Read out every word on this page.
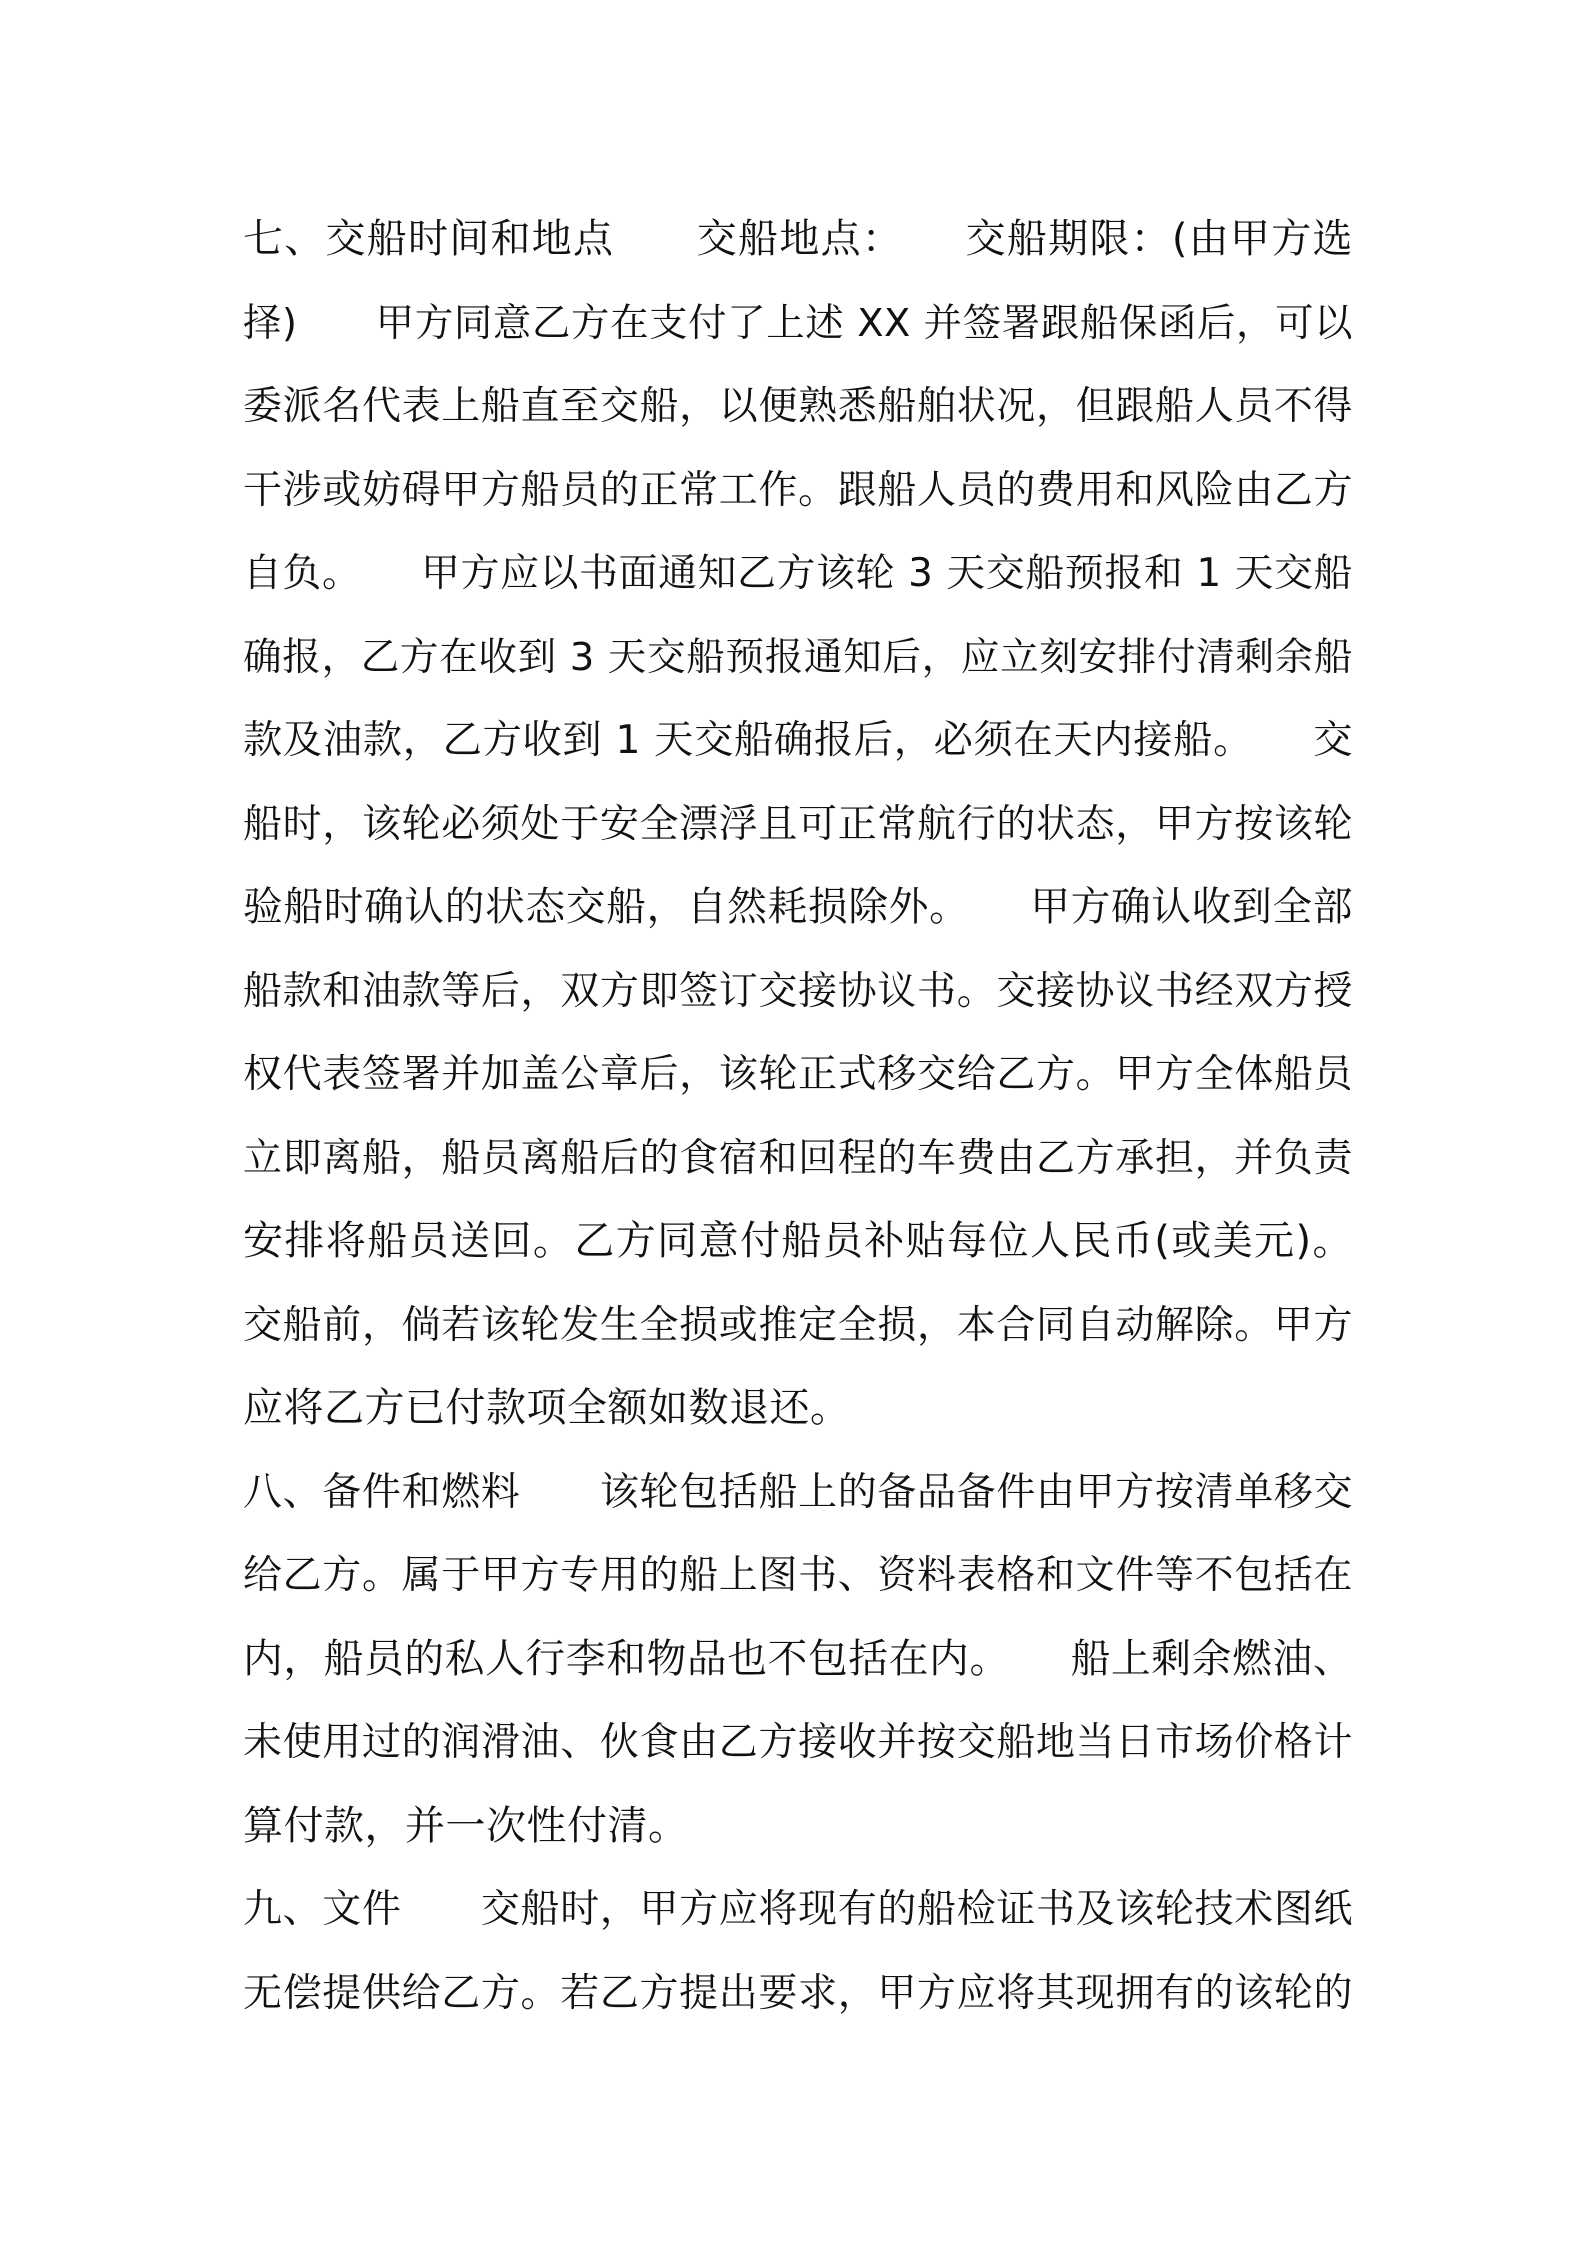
七、交船时间和地点　　交船地点：　　交船期限：(由甲方选
择)　　甲方同意乙方在支付了上述 XX 并签署跟船保函后，可以
委派名代表上船直至交船，以便熟悉船舶状况，但跟船人员不得
干涉或妨碍甲方船员的正常工作。跟船人员的费用和风险由乙方
自负。　　甲方应以书面通知乙方该轮 3 天交船预报和 1 天交船
确报，乙方在收到 3 天交船预报通知后，应立刻安排付清剩余船
款及油款，乙方收到 1 天交船确报后，必须在天内接船。　　交
船时，该轮必须处于安全漂浮且可正常航行的状态，甲方按该轮
验船时确认的状态交船，自然耗损除外。　　甲方确认收到全部
船款和油款等后，双方即签订交接协议书。交接协议书经双方授
权代表签署并加盖公章后，该轮正式移交给乙方。甲方全体船员
立即离船，船员离船后的食宿和回程的车费由乙方承担，并负责
安排将船员送回。乙方同意付船员补贴每位人民币(或美元)。
交船前，倘若该轮发生全损或推定全损，本合同自动解除。甲方
应将乙方已付款项全额如数退还。
八、备件和燃料　　该轮包括船上的备品备件由甲方按清单移交
给乙方。属于甲方专用的船上图书、资料表格和文件等不包括在
内，船员的私人行李和物品也不包括在内。　　船上剩余燃油、
未使用过的润滑油、伙食由乙方接收并按交船地当日市场价格计
算付款，并一次性付清。
九、文件　　交船时，甲方应将现有的船检证书及该轮技术图纸
无偿提供给乙方。若乙方提出要求，甲方应将其现拥有的该轮的
